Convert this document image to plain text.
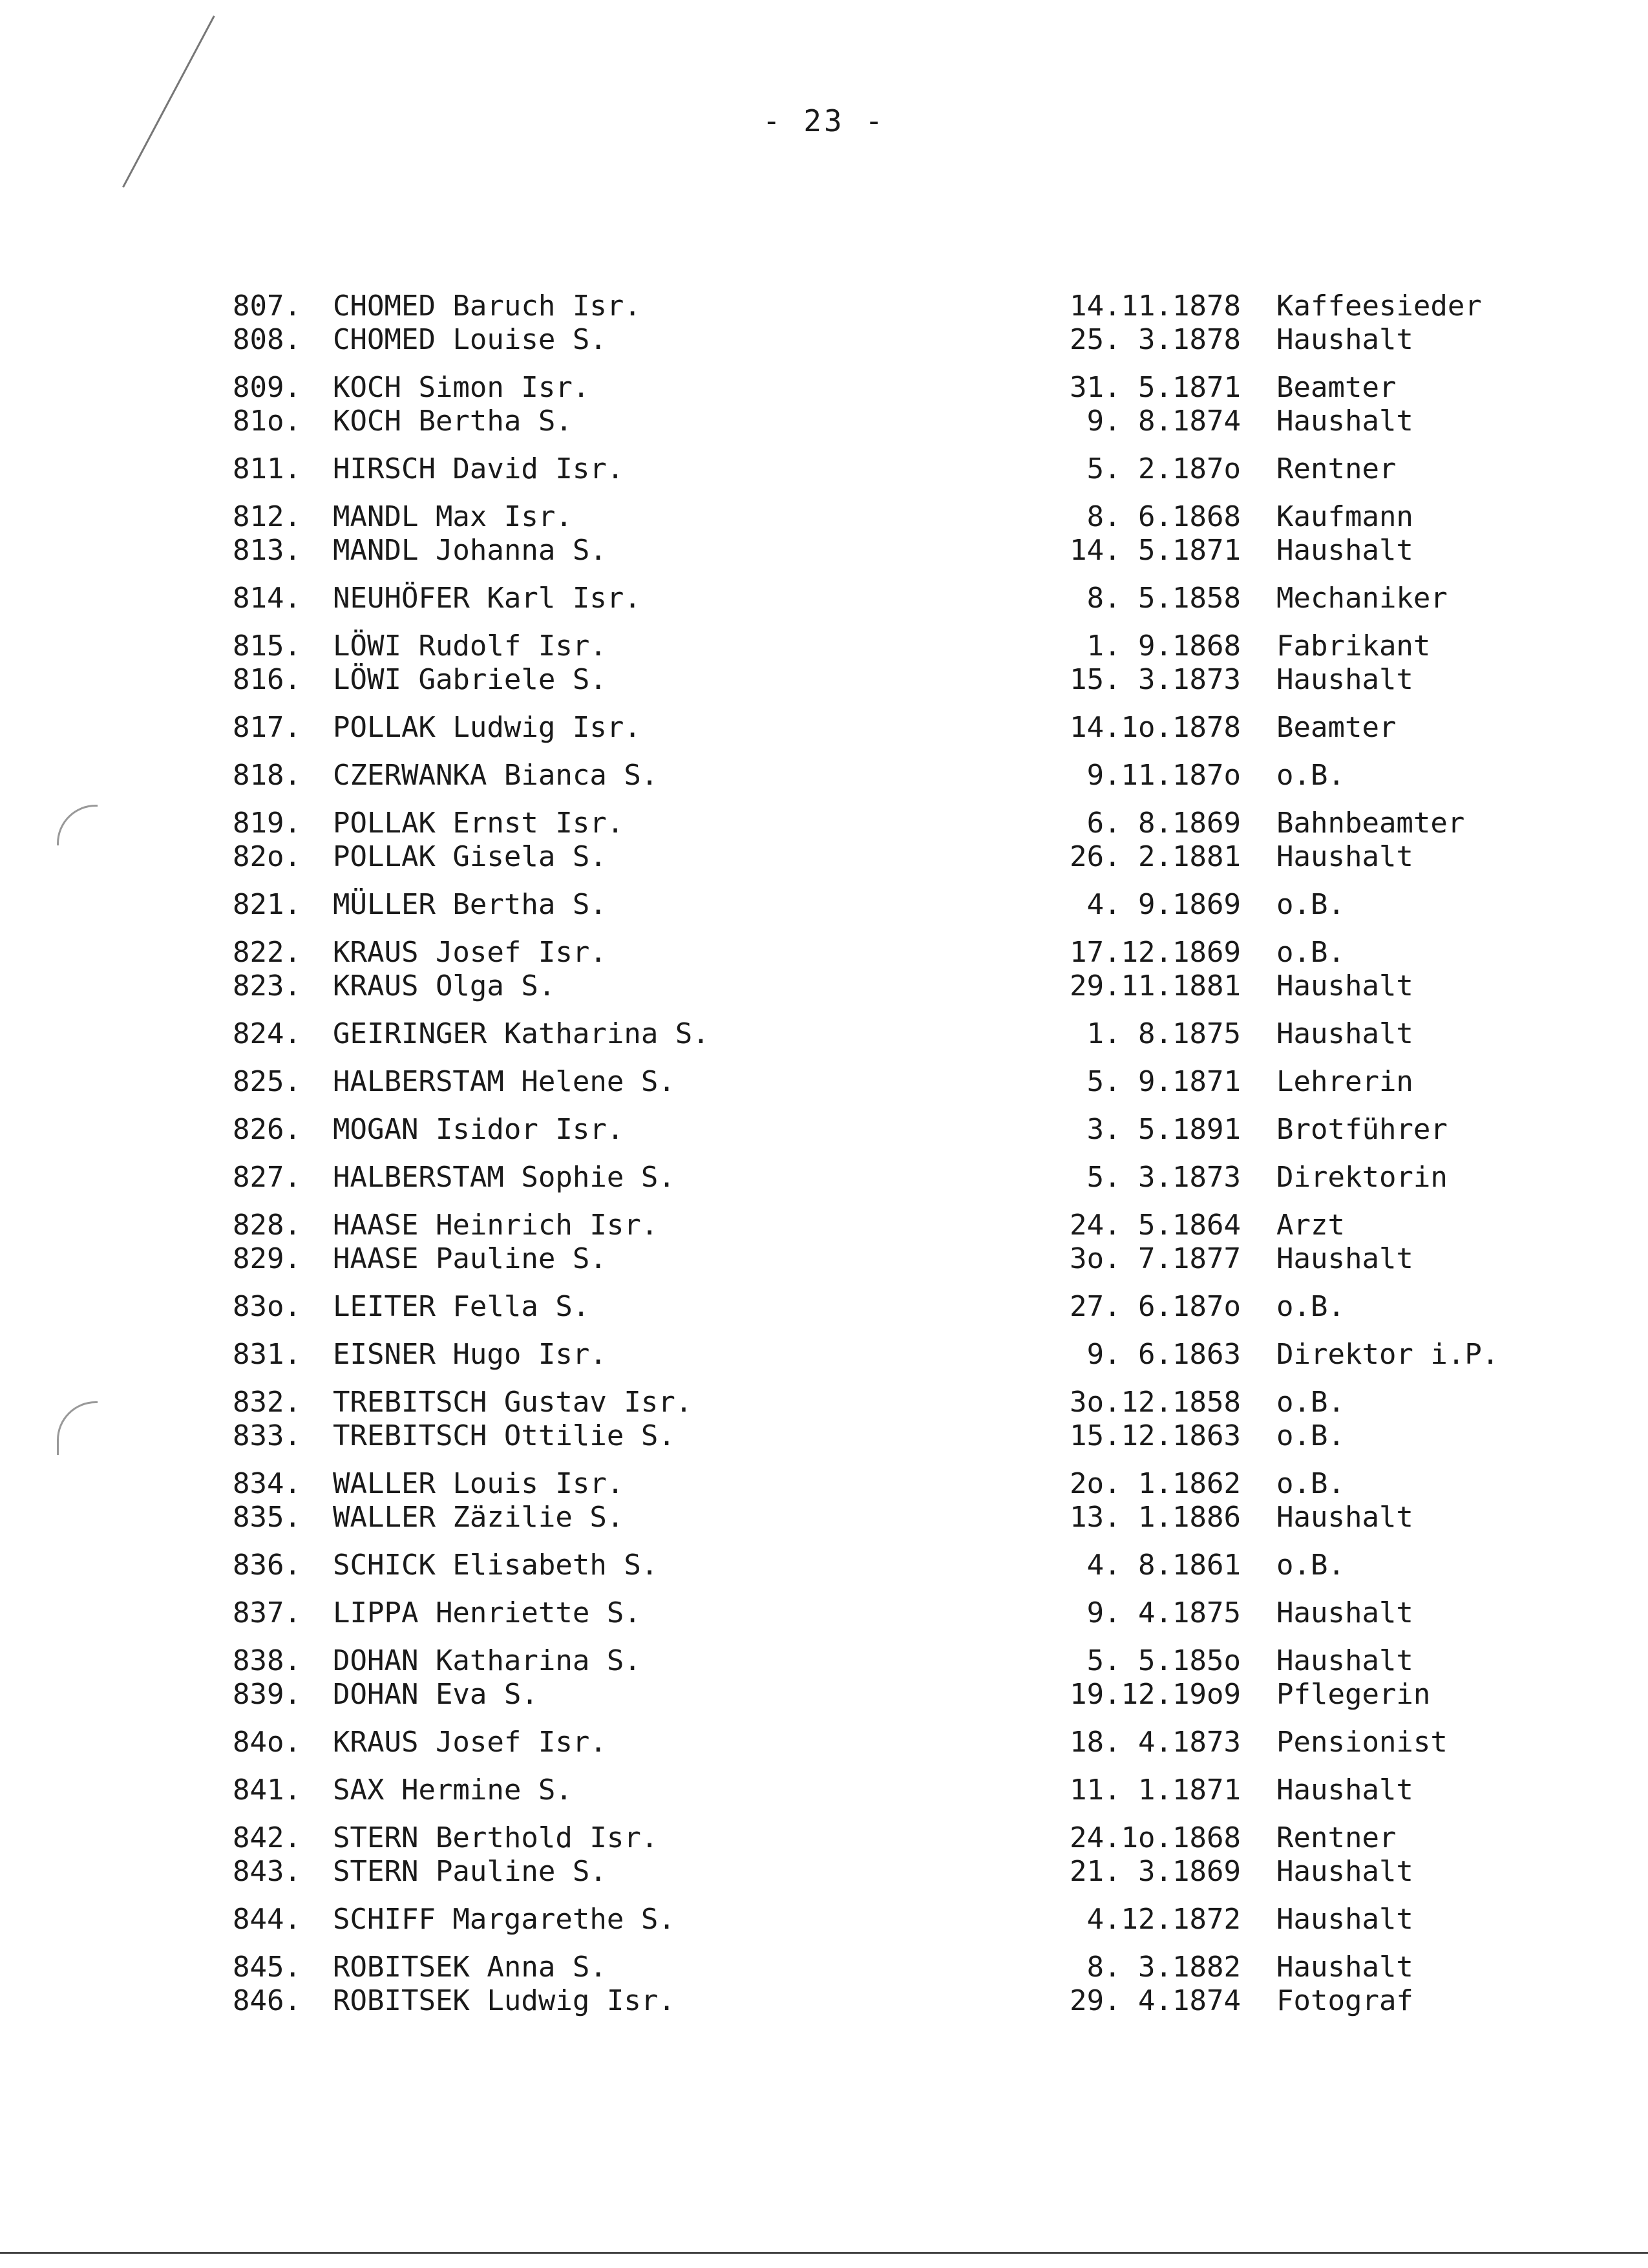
- 23 -
807.	CHOMED Baruch Isr.	14.11.1878	Kaffeesieder
808.	CHOMED Louise S.	25. 3.1878	Haushalt
809.	KOCH Simon Isr.	31. 5.1871	Beamter
81o.	KOCH Bertha S.	9. 8.1874	Haushalt
811.	HIRSCH David Isr.	5. 2.187o	Rentner
812.	MANDL Max Isr.	8. 6.1868	Kaufmann
813.	MANDL Johanna S.	14. 5.1871	Haushalt
814.	NEUHÖFER Karl Isr.	8. 5.1858	Mechaniker
815.	LÖWI Rudolf Isr.	1. 9.1868	Fabrikant
816.	LÖWI Gabriele S.	15. 3.1873	Haushalt
817.	POLLAK Ludwig Isr.	14.1o.1878	Beamter
818.	CZERWANKA Bianca S.	9.11.187o	o.B.
819.	POLLAK Ernst Isr.	6. 8.1869	Bahnbeamter
82o.	POLLAK Gisela S.	26. 2.1881	Haushalt
821.	MÜLLER Bertha S.	4. 9.1869	o.B.
822.	KRAUS Josef Isr.	17.12.1869	o.B.
823.	KRAUS Olga S.	29.11.1881	Haushalt
824.	GEIRINGER Katharina S.	1. 8.1875	Haushalt
825.	HALBERSTAM Helene S.	5. 9.1871	Lehrerin
826.	MOGAN Isidor Isr.	3. 5.1891	Brotführer
827.	HALBERSTAM Sophie S.	5. 3.1873	Direktorin
828.	HAASE Heinrich Isr.	24. 5.1864	Arzt
829.	HAASE Pauline S.	3o. 7.1877	Haushalt
83o.	LEITER Fella S.	27. 6.187o	o.B.
831.	EISNER Hugo Isr.	9. 6.1863	Direktor i.P.
832.	TREBITSCH Gustav Isr.	3o.12.1858	o.B.
833.	TREBITSCH Ottilie S.	15.12.1863	o.B.
834.	WALLER Louis Isr.	2o. 1.1862	o.B.
835.	WALLER Zäzilie S.	13. 1.1886	Haushalt
836.	SCHICK Elisabeth S.	4. 8.1861	o.B.
837.	LIPPA Henriette S.	9. 4.1875	Haushalt
838.	DOHAN Katharina S.	5. 5.185o	Haushalt
839.	DOHAN Eva S.	19.12.19o9	Pflegerin
84o.	KRAUS Josef Isr.	18. 4.1873	Pensionist
841.	SAX Hermine S.	11. 1.1871	Haushalt
842.	STERN Berthold Isr.	24.1o.1868	Rentner
843.	STERN Pauline S.	21. 3.1869	Haushalt
844.	SCHIFF Margarethe S.	4.12.1872	Haushalt
845.	ROBITSEK Anna S.	8. 3.1882	Haushalt
846.	ROBITSEK Ludwig Isr.	29. 4.1874	Fotograf
